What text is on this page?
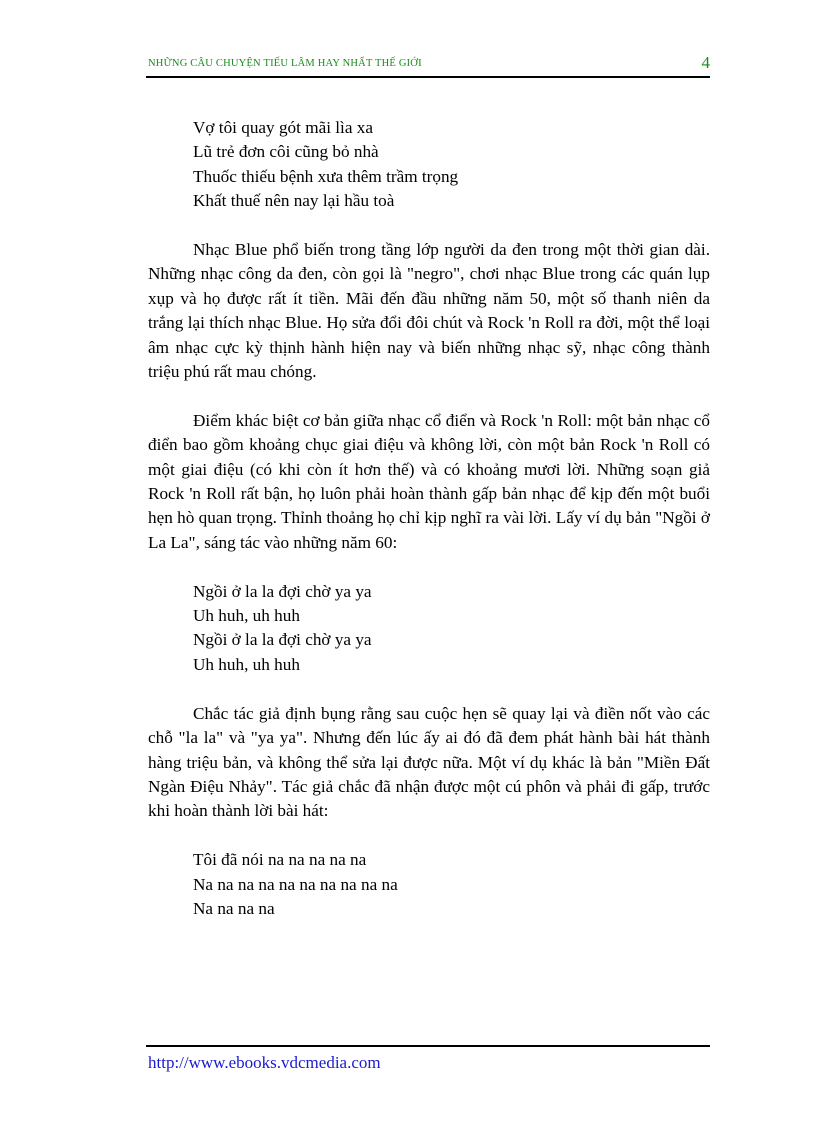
NHỮNG CÂU CHUYỆN TIẾU LÂM HAY NHẤT THẾ GIỚI	4
Vợ tôi quay gót mãi lìa xa
Lũ trẻ đơn côi cũng bỏ nhà
Thuốc thiếu bệnh xưa thêm trầm trọng
Khất thuế nên nay lại hầu toà

Nhạc Blue phổ biến trong tầng lớp người da đen trong một thời gian dài. Những nhạc công da đen, còn gọi là "negro", chơi nhạc Blue trong các quán lụp xụp và họ được rất ít tiền. Mãi đến đầu những năm 50, một số thanh niên da trắng lại thích nhạc Blue. Họ sửa đổi đôi chút và Rock 'n Roll ra đời, một thể loại âm nhạc cực kỳ thịnh hành hiện nay và biến những nhạc sỹ, nhạc công thành triệu phú rất mau chóng.

Điểm khác biệt cơ bản giữa nhạc cổ điển và Rock 'n Roll: một bản nhạc cổ điển bao gồm khoảng chục giai điệu và không lời, còn một bản Rock 'n Roll có một giai điệu (có khi còn ít hơn thế) và có khoảng mươi lời. Những soạn giả Rock 'n Roll rất bận, họ luôn phải hoàn thành gấp bản nhạc để kịp đến một buổi hẹn hò quan trọng. Thỉnh thoảng họ chỉ kịp nghĩ ra vài lời. Lấy ví dụ bản "Ngồi ở La La", sáng tác vào những năm 60:

Ngồi ở la la đợi chờ ya ya
Uh huh, uh huh
Ngồi ở la la đợi chờ ya ya
Uh huh, uh huh

Chắc tác giả định bụng rằng sau cuộc hẹn sẽ quay lại và điền nốt vào các chỗ "la la" và "ya ya". Nhưng đến lúc ấy ai đó đã đem phát hành bài hát thành hàng triệu bản, và không thể sửa lại được nữa. Một ví dụ khác là bản "Miền Đất Ngàn Điệu Nhảy". Tác giả chắc đã nhận được một cú phôn và phải đi gấp, trước khi hoàn thành lời bài hát:

Tôi đã nói na na na na na
Na na na na na na na na na na
Na na na na
http://www.ebooks.vdcmedia.com
